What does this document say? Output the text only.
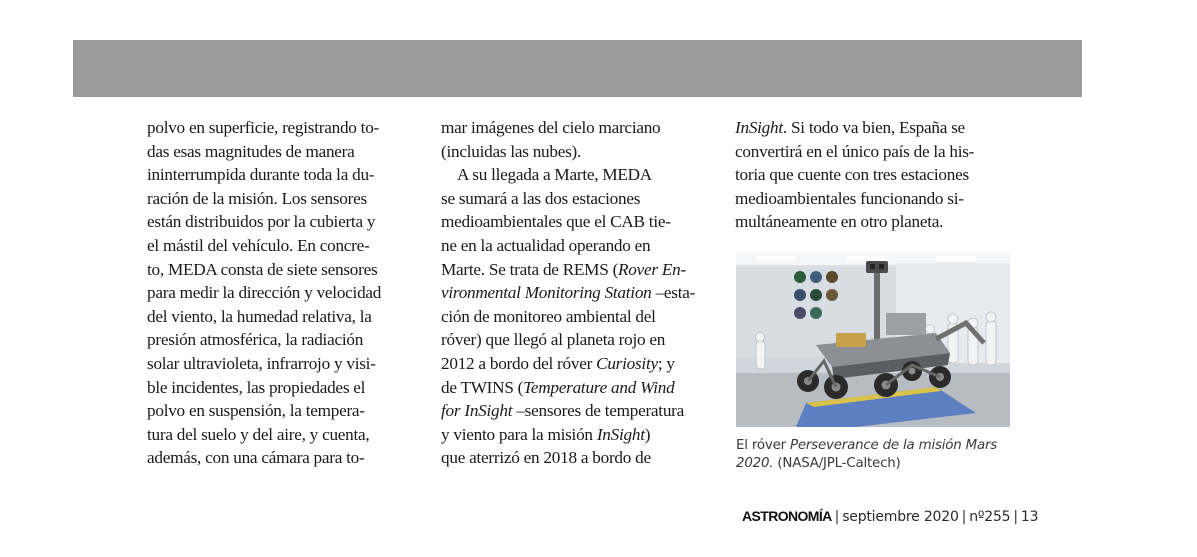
polvo en superficie, registrando to-

das esas magnitudes de manera

ininterrumpida durante toda la du-

ración de la misión. Los sensores

están distribuidos por la cubierta y

el mástil del vehículo. En concre-

to, MEDA consta de siete sensores

para medir la dirección y velocidad

del viento, la humedad relativa, la

presión atmosférica, la radiación

solar ultravioleta, infrarrojo y visi-

ble incidentes, las propiedades el

polvo en suspensión, la tempera-

tura del suelo y del aire, y cuenta,

además, con una cámara para to-

mar imágenes del cielo marciano

(incluidas las nubes).

A su llegada a Marte, MEDA

se sumará a las dos estaciones

medioambientales que el CAB tie-

ne en la actualidad operando en

Marte. Se trata de REMS (Rover En-

vironmental Monitoring Station –esta-

ción de monitoreo ambiental del

róver) que llegó al planeta rojo en

2012 a bordo del róver Curiosity; y

de TWINS (Temperature and Wind

for InSight –sensores de temperatura

y viento para la misión InSight)

que aterrizó en 2018 a bordo de

InSight. Si todo va bien, España se

convertirá en el único país de la his-

toria que cuente con tres estaciones

medioambientales funcionando si-

multáneamente en otro planeta.

El róver Perseverance de la misión Mars
2020. (NASA/JPL-Caltech)
ASTRONOMÍA | septiembre 2020 | nº255 | 13
